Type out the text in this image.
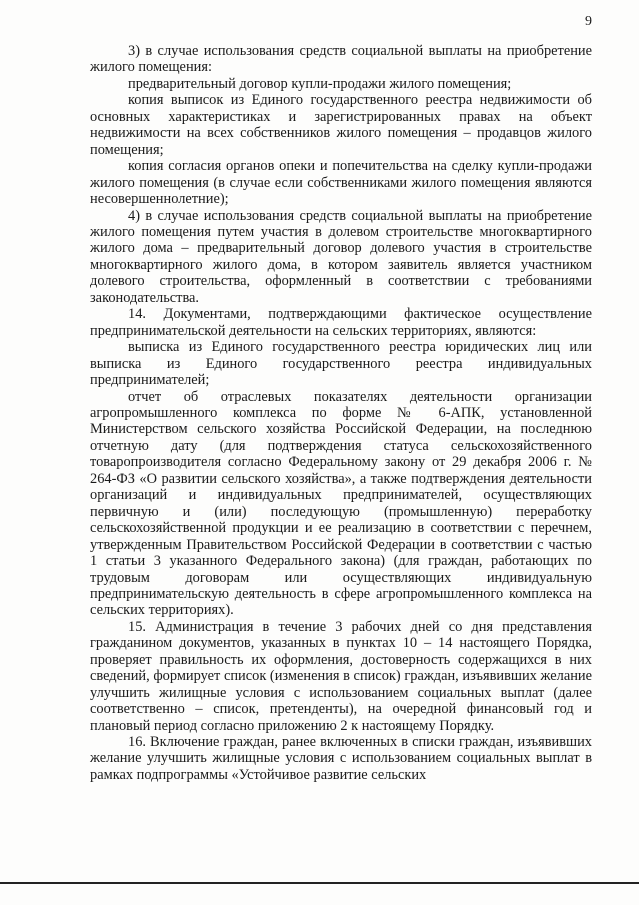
9

3) в случае использования средств социальной выплаты на приобретение жилого помещения:

предварительный договор купли-продажи жилого помещения;

копия выписок из Единого государственного реестра недвижимости об основных характеристиках и зарегистрированных правах на объект недвижимости на всех собственников жилого помещения – продавцов жилого помещения;

копия согласия органов опеки и попечительства на сделку купли-продажи жилого помещения (в случае если собственниками жилого помещения являются несовершеннолетние);

4) в случае использования средств социальной выплаты на приобретение жилого помещения путем участия в долевом строительстве многоквартирного жилого дома – предварительный договор долевого участия в строительстве многоквартирного жилого дома, в котором заявитель является участником долевого строительства, оформленный в соответствии с требованиями законодательства.

14. Документами, подтверждающими фактическое осуществление предпринимательской деятельности на сельских территориях, являются:

выписка из Единого государственного реестра юридических лиц или выписка из Единого государственного реестра индивидуальных предпринимателей;

отчет об отраслевых показателях деятельности организации агропромышленного комплекса по форме № 6-АПК, установленной Министерством сельского хозяйства Российской Федерации, на последнюю отчетную дату (для подтверждения статуса сельскохозяйственного товаропроизводителя согласно Федеральному закону от 29 декабря 2006 г. № 264-ФЗ «О развитии сельского хозяйства», а также подтверждения деятельности организаций и индивидуальных предпринимателей, осуществляющих первичную и (или) последующую (промышленную) переработку сельскохозяйственной продукции и ее реализацию в соответствии с перечнем, утвержденным Правительством Российской Федерации в соответствии с частью 1 статьи 3 указанного Федерального закона) (для граждан, работающих по трудовым договорам или осуществляющих индивидуальную предпринимательскую деятельность в сфере агропромышленного комплекса на сельских территориях).

15. Администрация в течение 3 рабочих дней со дня представления гражданином документов, указанных в пунктах 10 – 14 настоящего Порядка, проверяет правильность их оформления, достоверность содержащихся в них сведений, формирует список (изменения в список) граждан, изъявивших желание улучшить жилищные условия с использованием социальных выплат (далее соответственно – список, претенденты), на очередной финансовый год и плановый период согласно приложению 2 к настоящему Порядку.

16. Включение граждан, ранее включенных в списки граждан, изъявивших желание улучшить жилищные условия с использованием социальных выплат в рамках подпрограммы «Устойчивое развитие сельских
